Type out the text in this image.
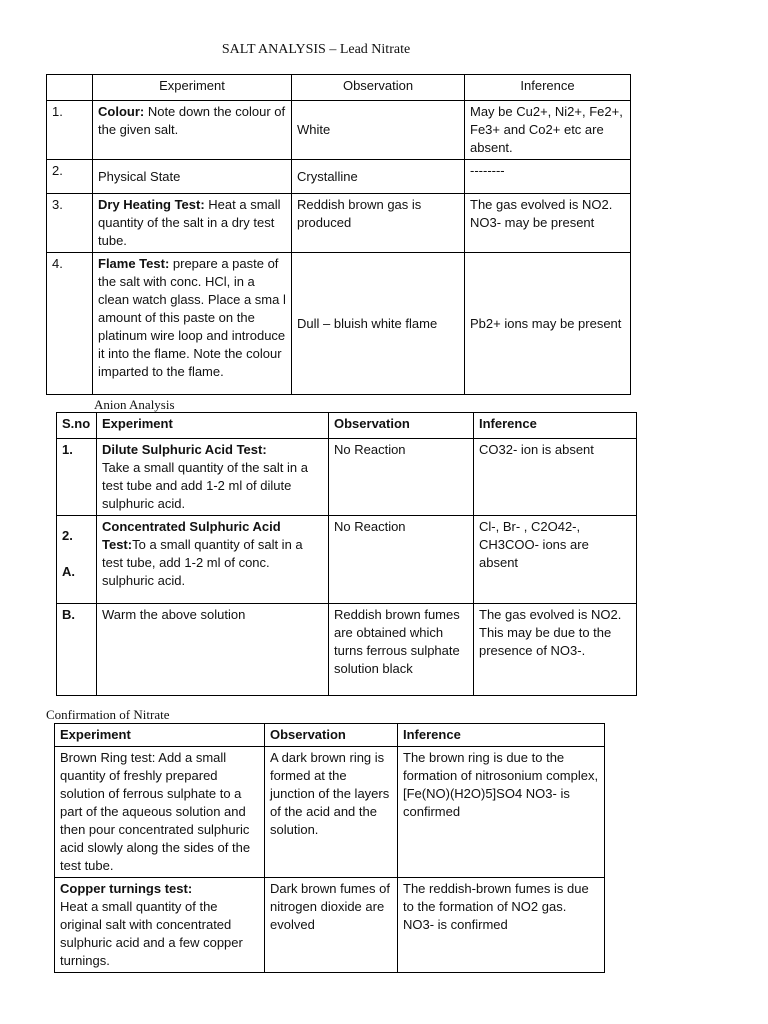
SALT ANALYSIS – Lead Nitrate
	Experiment	Observation	Inference
1.	Colour: Note down the colour of the given salt.	White	May be Cu2+, Ni2+, Fe2+, Fe3+ and Co2+ etc are absent.
2.	Physical State	Crystalline	--------
3.	Dry Heating Test: Heat a small quantity of the salt in a dry test tube.	Reddish brown gas is produced	The gas evolved is NO2. NO3- may be present
4.	Flame Test: prepare a paste of the salt with conc. HCl, in a clean watch glass. Place a sma l amount of this paste on the platinum wire loop and introduce it into the flame. Note the colour imparted to the flame.	Dull – bluish white flame	Pb2+ ions may be present
Anion Analysis
S.no	Experiment	Observation	Inference
1.	Dilute Sulphuric Acid Test:
Take a small quantity of the salt in a test tube and add 1-2 ml of dilute sulphuric acid.	No Reaction	CO32- ion is absent
2.
A.	Concentrated Sulphuric Acid Test:To a small quantity of salt in a test tube, add 1-2 ml of conc. sulphuric acid.	No Reaction	Cl-, Br- , C2O42-, CH3COO- ions are absent
B.	Warm the above solution	Reddish brown fumes are obtained which turns ferrous sulphate solution black	The gas evolved is NO2. This may be due to the presence of NO3-.
Confirmation of Nitrate
Experiment	Observation	Inference
Brown Ring test: Add a small quantity of freshly prepared solution of ferrous sulphate to a part of the aqueous solution and then pour concentrated sulphuric acid slowly along the sides of the test tube.	A dark brown ring is formed at the junction of the layers of the acid and the solution.	The brown ring is due to the formation of nitrosonium complex, [Fe(NO)(H2O)5]SO4 NO3- is confirmed

Copper turnings test:
Heat a small quantity of the original salt with concentrated sulphuric acid and a few copper turnings.	Dark brown fumes of nitrogen dioxide are evolved	The reddish-brown fumes is due to the formation of NO2 gas. NO3- is confirmed
